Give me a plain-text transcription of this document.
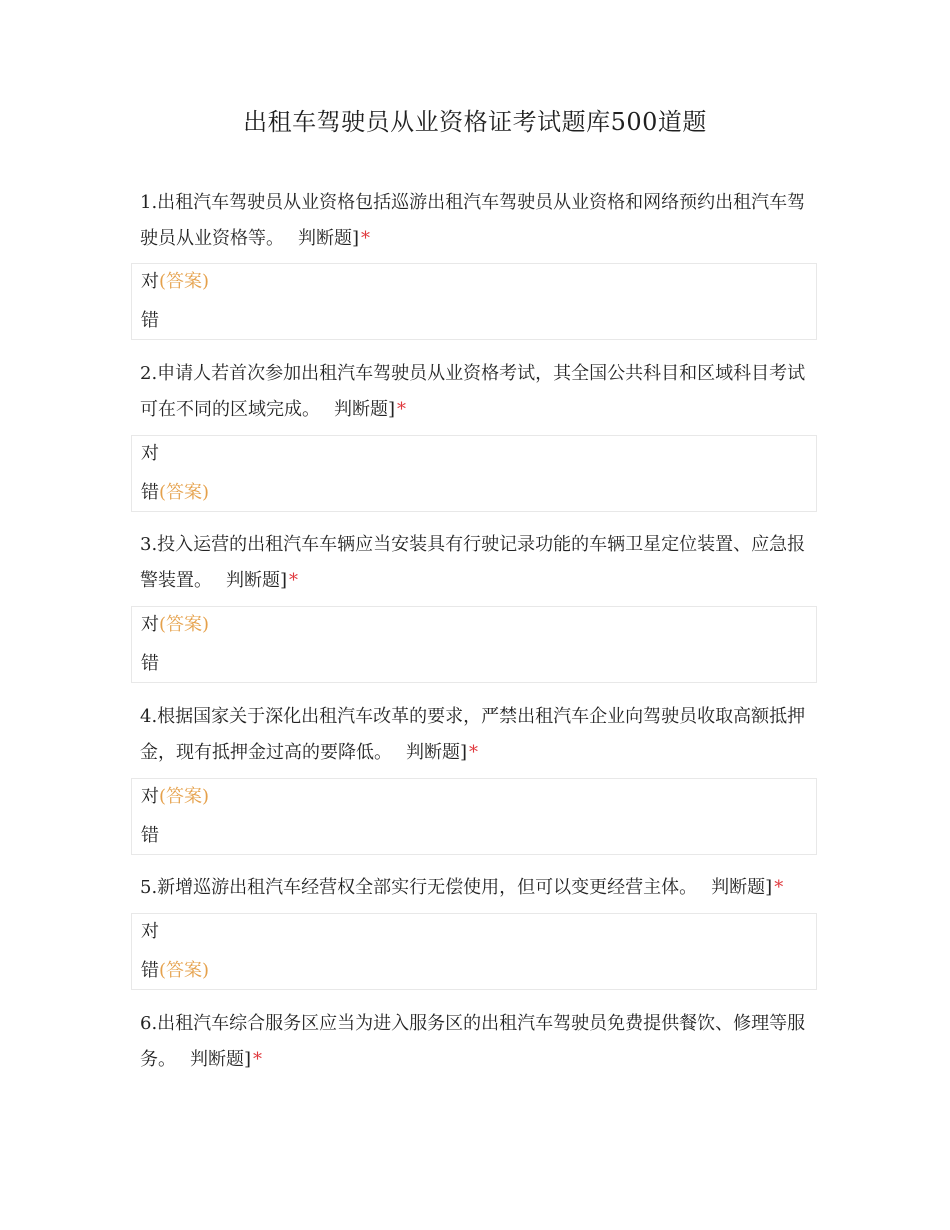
出租车驾驶员从业资格证考试题库500道题
1.出租汽车驾驶员从业资格包括巡游出租汽车驾驶员从业资格和网络预约出租汽车驾驶员从业资格等。 判断题] *
对(答案)
错
2.申请人若首次参加出租汽车驾驶员从业资格考试，其全国公共科目和区域科目考试可在不同的区域完成。 判断题] *
对
错(答案)
3.投入运营的出租汽车车辆应当安装具有行驶记录功能的车辆卫星定位装置、应急报警装置。 判断题] *
对(答案)
错
4.根据国家关于深化出租汽车改革的要求，严禁出租汽车企业向驾驶员收取高额抵押金，现有抵押金过高的要降低。 判断题] *
对(答案)
错
5.新增巡游出租汽车经营权全部实行无偿使用，但可以变更经营主体。 判断题] *
对
错(答案)
6.出租汽车综合服务区应当为进入服务区的出租汽车驾驶员免费提供餐饮、修理等服务。 判断题] *
